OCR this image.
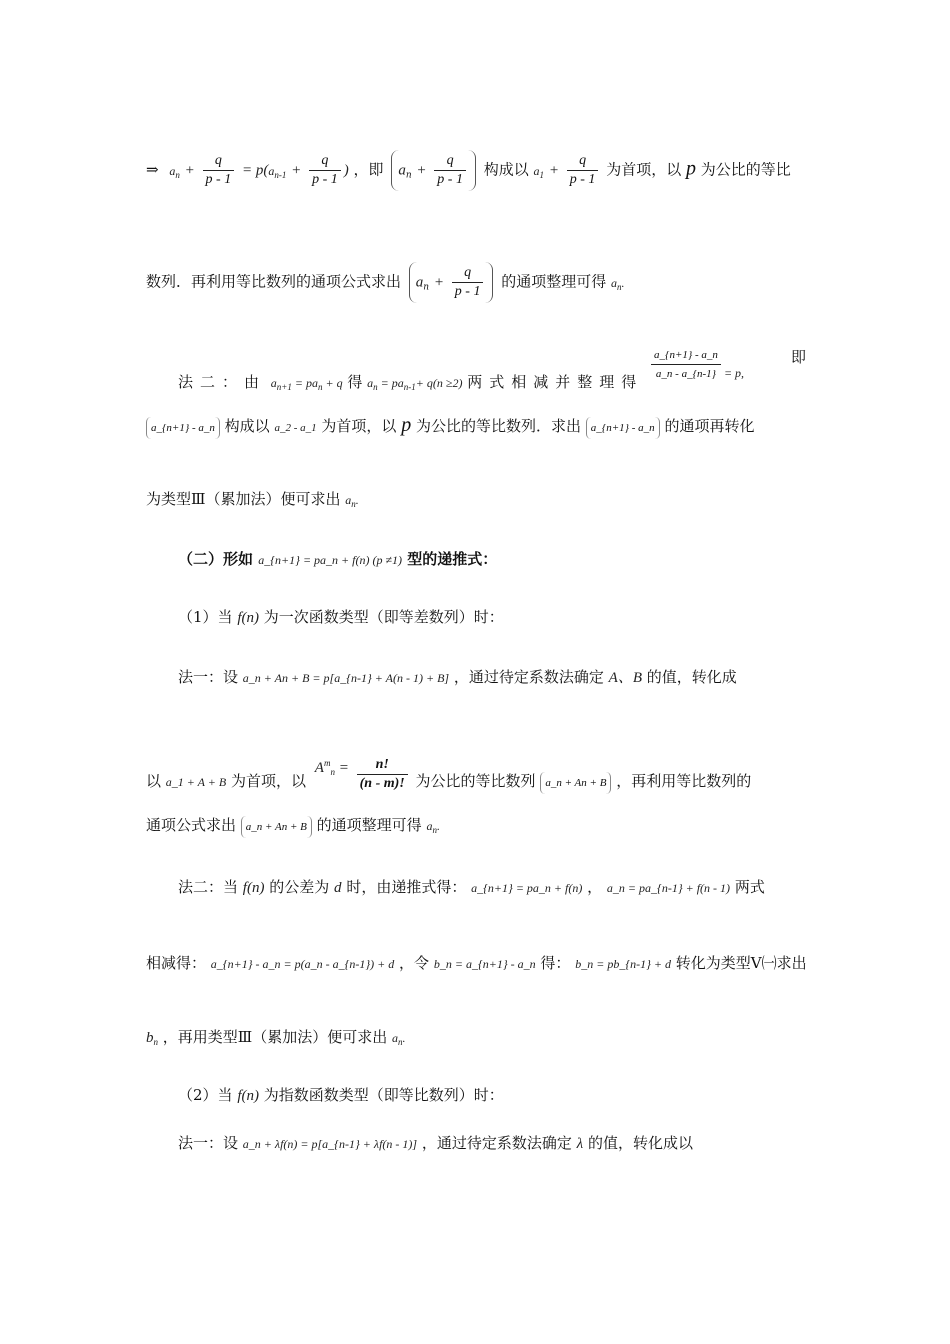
⇒ $a_n + \frac{q}{p - 1} = p(a_{n-1} + \frac{q}{p - 1}$ ) ，即 $a_n + \frac{q}{p - 1}$ 构成以 $a_1 + \frac{q}{p - 1}$ 为首项，以 p 为公比的等比
数列．再利用等比数列的通项公式求出 $a_n + \frac{q}{p - 1}$ 的通项整理可得 $a_n$.
法二：由 $a_{n+1} = pa_n + q$ 得 $a_n = pa_{n-1}+ q(n \ge 2)$ 两式相减并整理得 $\frac{a\_\{n+1\} - a\_n}{a\_n - a\_\{n-1\}} ^{= p,}$
即
a_{n+1} - a_n 构成以 a_2 - a_1 为首项，以 p 为公比的等比数列．求出 a_{n+1} - a_n 的通项再转化
为类型Ⅲ（累加法）便可求出 $a_n$.
（二）形如 a_{n+1} = pa_n + f(n) (p ≠1) 型的递推式：
（1）当 f(n) 为一次函数类型（即等差数列）时：
法一：设 a_n + An + B = p[a_{n-1} + A(n - 1) + B] ，通过待定系数法确定 A、B 的值，转化成
以 a_1 + A + B 为首项，以 $A^m_n = \frac{n!}{(n - m)!}$ 为公比的等比数列 a_n + An + B ，再利用等比数列的
通项公式求出 a_n + An + B 的通项整理可得 $a_n$.
法二：当 f(n) 的公差为 d 时，由递推式得： a_{n+1} = pa_n + f(n) ， a_n = pa_{n-1} + f(n - 1) 两式
相减得： a_{n+1} - a_n = p(a_n - a_{n-1}) + d ，令 b_n = a_{n+1} - a_n 得： b_n = pb_{n-1} + d 转化为类型Ⅴ㈠求出
$b_n$ ，再用类型Ⅲ（累加法）便可求出 $a_n$.
（2）当 f(n) 为指数函数类型（即等比数列）时：
法一：设 a_n + λf(n) = p[a_{n-1} + λf(n - 1)] ，通过待定系数法确定 λ 的值，转化成以
